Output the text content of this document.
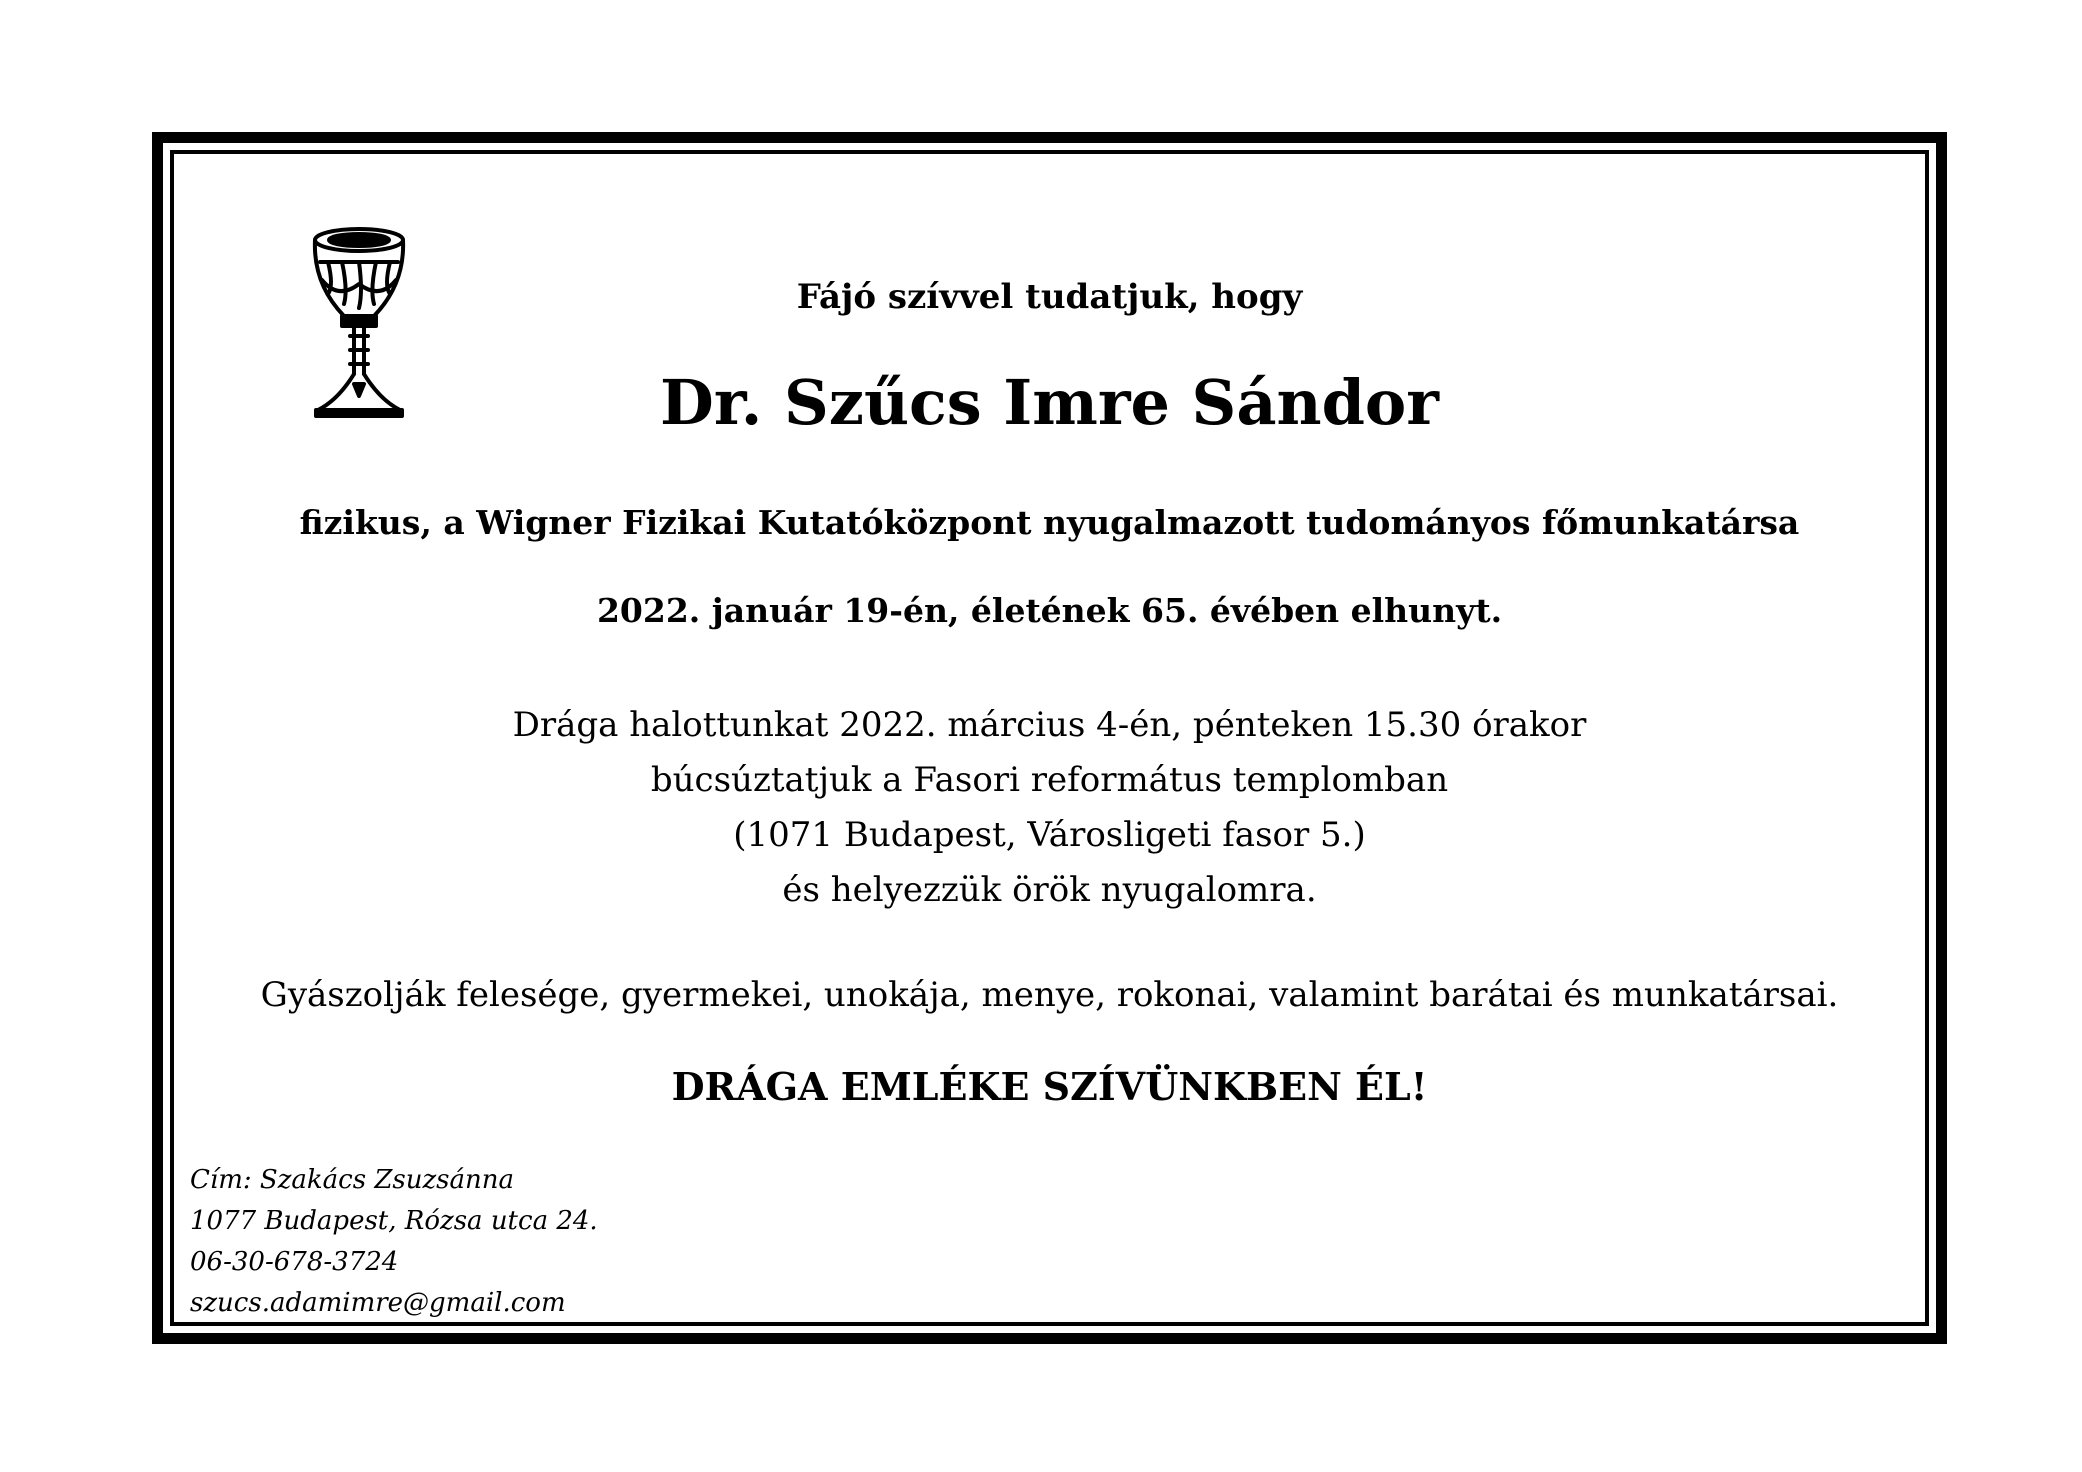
Fájó szívvel tudatjuk, hogy
Dr. Szűcs Imre Sándor
fizikus, a Wigner Fizikai Kutatóközpont nyugalmazott tudományos főmunkatársa
2022. január 19-én, életének 65. évében elhunyt.
Drága halottunkat 2022. március 4-én, pénteken 15.30 órakor
búcsúztatjuk a Fasori református templomban
(1071 Budapest, Városligeti fasor 5.)
és helyezzük örök nyugalomra.
Gyászolják felesége, gyermekei, unokája, menye, rokonai, valamint barátai és munkatársai.
DRÁGA EMLÉKE SZÍVÜNKBEN ÉL!
Cím: Szakács Zsuzsánna
1077 Budapest, Rózsa utca 24.
06-30-678-3724
szucs.adamimre@gmail.com
